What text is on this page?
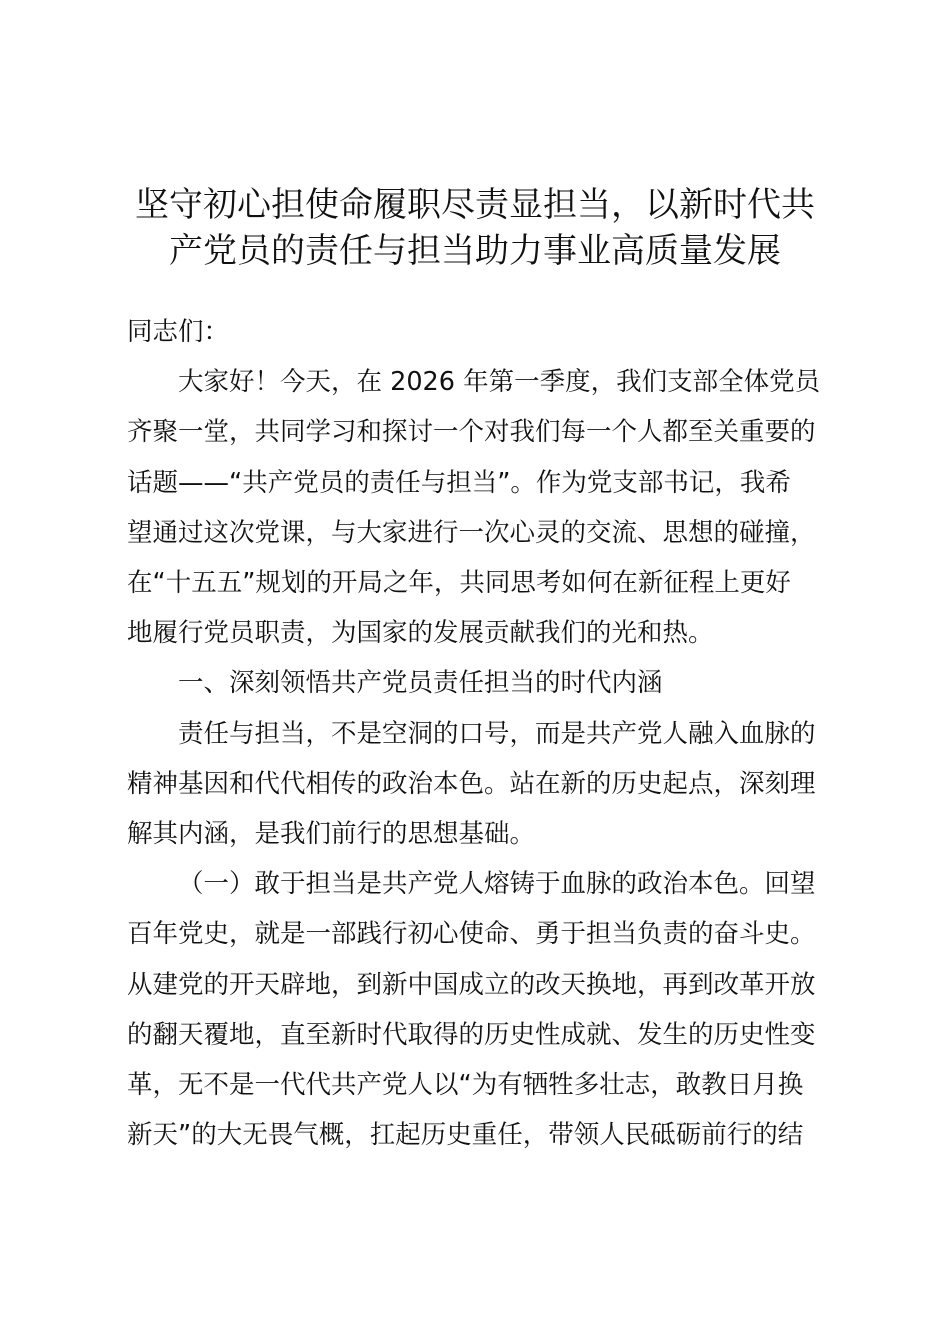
坚守初心担使命履职尽责显担当，以新时代共
产党员的责任与担当助力事业高质量发展

同志们：

大家好！今天，在 2026 年第一季度，我们支部全体党员

齐聚一堂，共同学习和探讨一个对我们每一个人都至关重要的

话题——“共产党员的责任与担当”。作为党支部书记，我希

望通过这次党课，与大家进行一次心灵的交流、思想的碰撞，

在“十五五”规划的开局之年，共同思考如何在新征程上更好

地履行党员职责，为国家的发展贡献我们的光和热。

一、深刻领悟共产党员责任担当的时代内涵

责任与担当，不是空洞的口号，而是共产党人融入血脉的

精神基因和代代相传的政治本色。站在新的历史起点，深刻理

解其内涵，是我们前行的思想基础。

（一）敢于担当是共产党人熔铸于血脉的政治本色。回望

百年党史，就是一部践行初心使命、勇于担当负责的奋斗史。

从建党的开天辟地，到新中国成立的改天换地，再到改革开放

的翻天覆地，直至新时代取得的历史性成就、发生的历史性变

革，无不是一代代共产党人以“为有牺牲多壮志，敢教日月换

新天”的大无畏气概，扛起历史重任，带领人民砥砺前行的结
